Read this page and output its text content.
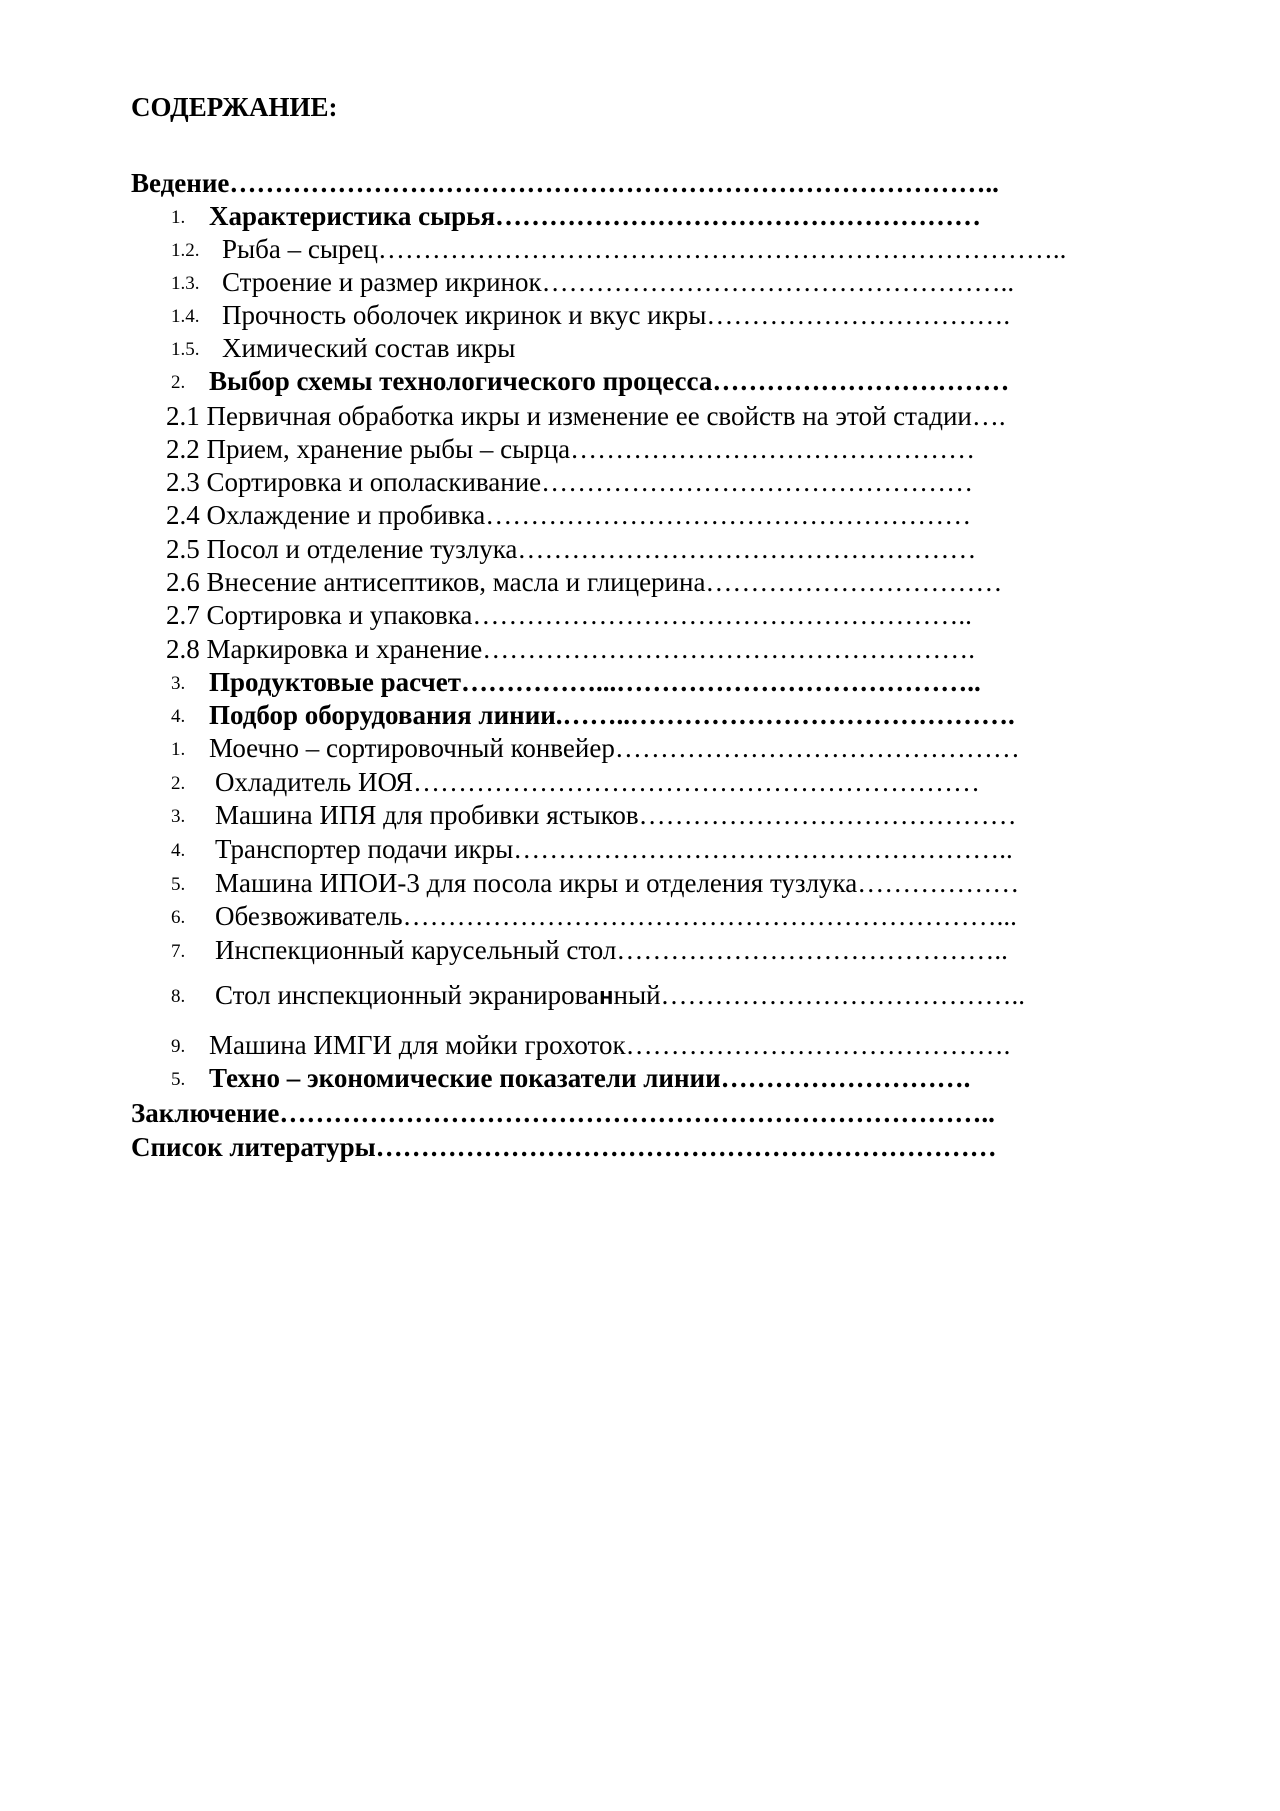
СОДЕРЖАНИЕ:
Ведение…………………………………………………………………………..
1. Характеристика сырья………………………………………………
1.2. Рыба – сырец…………………………………………………………………..
1.3. Строение и размер икринок……………………………………………..
1.4. Прочность оболочек икринок и вкус икры…………………………….
1.5. Химический состав икры
2. Выбор схемы технологического процесса……………………………
2.1 Первичная обработка икры и изменение ее свойств на этой стадии….
2.2 Прием, хранение рыбы – сырца………………………………………
2.3 Сортировка и ополаскивание…………………………………………
2.4 Охлаждение и пробивка………………………………………………
2.5 Посол и отделение тузлука……………………………………………
2.6 Внесение антисептиков, масла и глицерина……………………………
2.7 Сортировка и упаковка………………………………………………..
2.8 Маркировка и хранение……………………………………………….
3. Продуктовые расчет……………...…………………………………..
4. Подбор оборудования линии.……..…………………………………….
1. Моечно – сортировочный конвейер………………………………………
2. Охладитель ИОЯ………………………………………………………
3. Машина ИПЯ для пробивки ястыков……………………………………
4. Транспортер подачи икры………………………………………………..
5. Машина ИПОИ-3 для посола икры и отделения тузлука………………
6. Обезвоживатель…………………………………………………………...
7. Инспекционный карусельный стол……………………………………..
8. Стол инспекционный экранированный…………………………………..
9. Машина ИМГИ для мойки грохоток…………………………………….
5. Техно – экономические показатели линии……………………….
Заключение……………………………………………………………………..
Список литературы……………………………………………………………
